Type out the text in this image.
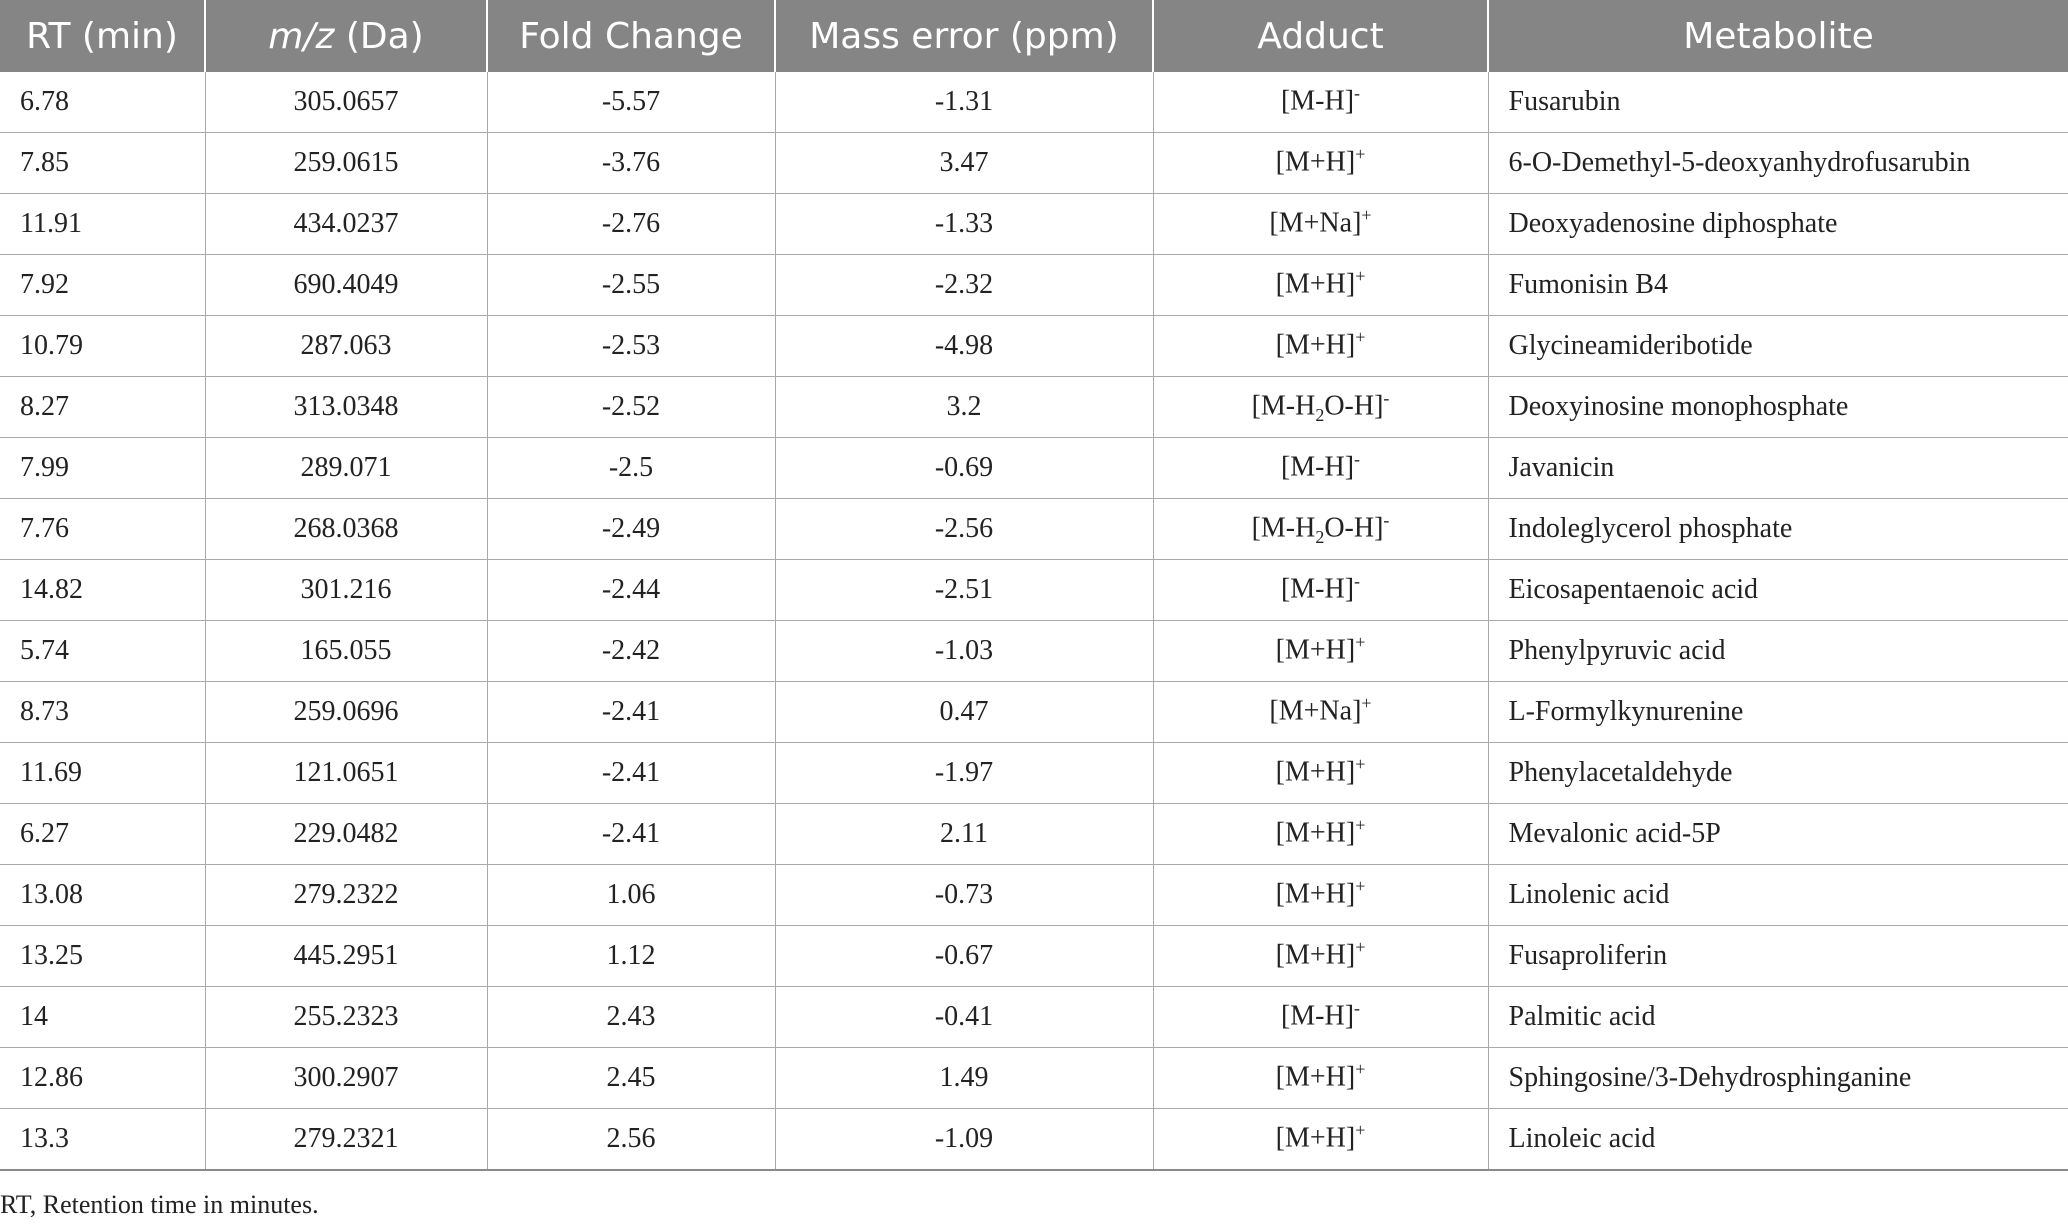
RT (min)	m/z (Da)	Fold Change	Mass error (ppm)	Adduct	Metabolite
6.78	305.0657	-5.57	-1.31	[M-H]-	Fusarubin
7.85	259.0615	-3.76	3.47	[M+H]+	6-O-Demethyl-5-deoxyanhydrofusarubin
11.91	434.0237	-2.76	-1.33	[M+Na]+	Deoxyadenosine diphosphate
7.92	690.4049	-2.55	-2.32	[M+H]+	Fumonisin B4
10.79	287.063	-2.53	-4.98	[M+H]+	Glycineamideribotide
8.27	313.0348	-2.52	3.2	$[M-H_2O-H]^-$	Deoxyinosine monophosphate
7.99	289.071	-2.5	-0.69	[M-H]-	Javanicin
7.76	268.0368	-2.49	-2.56	$[M-H_2O-H]^-$	Indoleglycerol phosphate
14.82	301.216	-2.44	-2.51	[M-H]-	Eicosapentaenoic acid
5.74	165.055	-2.42	-1.03	[M+H]+	Phenylpyruvic acid
8.73	259.0696	-2.41	0.47	[M+Na]+	L-Formylkynurenine
11.69	121.0651	-2.41	-1.97	[M+H]+	Phenylacetaldehyde
6.27	229.0482	-2.41	2.11	[M+H]+	Mevalonic acid-5P
13.08	279.2322	1.06	-0.73	[M+H]+	Linolenic acid
13.25	445.2951	1.12	-0.67	[M+H]+	Fusaproliferin
14	255.2323	2.43	-0.41	[M-H]-	Palmitic acid
12.86	300.2907	2.45	1.49	[M+H]+	Sphingosine/3-Dehydrosphinganine
13.3	279.2321	2.56	-1.09	[M+H]+	Linoleic acid
RT, Retention time in minutes.
